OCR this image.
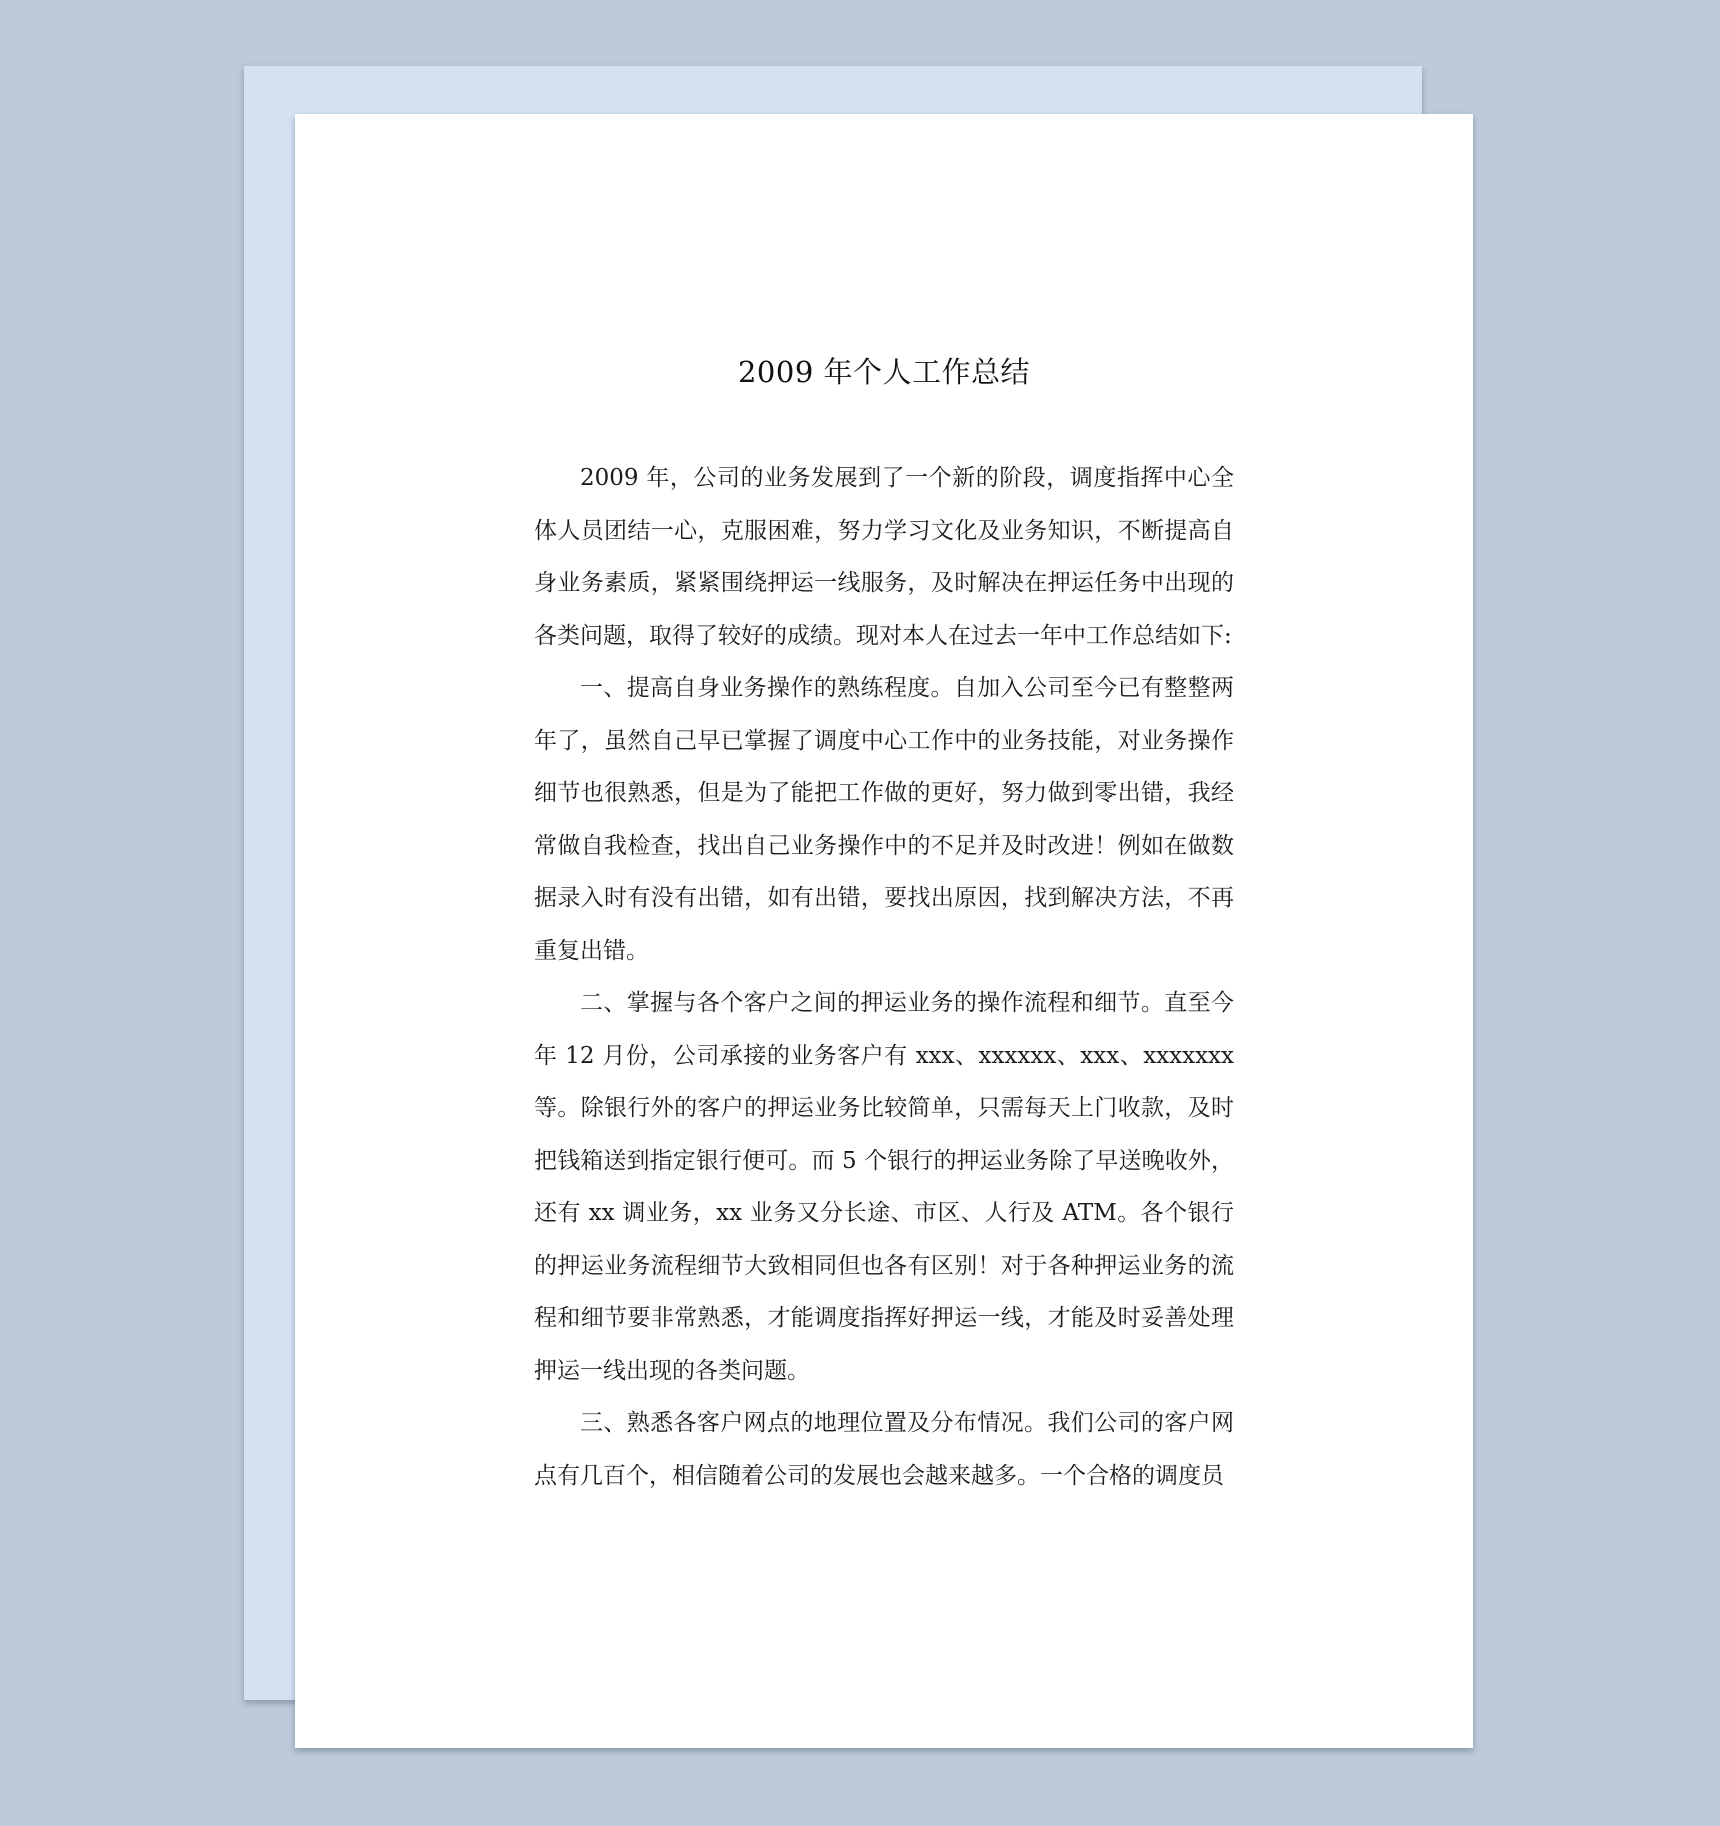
2009 年个人工作总结

2009 年，公司的业务发展到了一个新的阶段，调度指挥中心全体人员团结一心，克服困难，努力学习文化及业务知识，不断提高自身业务素质，紧紧围绕押运一线服务，及时解决在押运任务中出现的各类问题，取得了较好的成绩。现对本人在过去一年中工作总结如下:

一、提高自身业务操作的熟练程度。自加入公司至今已有整整两年了，虽然自己早已掌握了调度中心工作中的业务技能，对业务操作细节也很熟悉，但是为了能把工作做的更好，努力做到零出错，我经常做自我检查，找出自己业务操作中的不足并及时改进！例如在做数据录入时有没有出错，如有出错，要找出原因，找到解决方法，不再重复出错。

二、掌握与各个客户之间的押运业务的操作流程和细节。直至今年 12 月份，公司承接的业务客户有 xxx、xxxxxx、xxx、xxxxxxx 等。除银行外的客户的押运业务比较简单，只需每天上门收款，及时把钱箱送到指定银行便可。而 5 个银行的押运业务除了早送晚收外，还有 xx 调业务，xx 业务又分长途、市区、人行及 ATM。各个银行的押运业务流程细节大致相同但也各有区别！对于各种押运业务的流程和细节要非常熟悉，才能调度指挥好押运一线，才能及时妥善处理押运一线出现的各类问题。

三、熟悉各客户网点的地理位置及分布情况。我们公司的客户网点有几百个，相信随着公司的发展也会越来越多。一个合格的调度员
